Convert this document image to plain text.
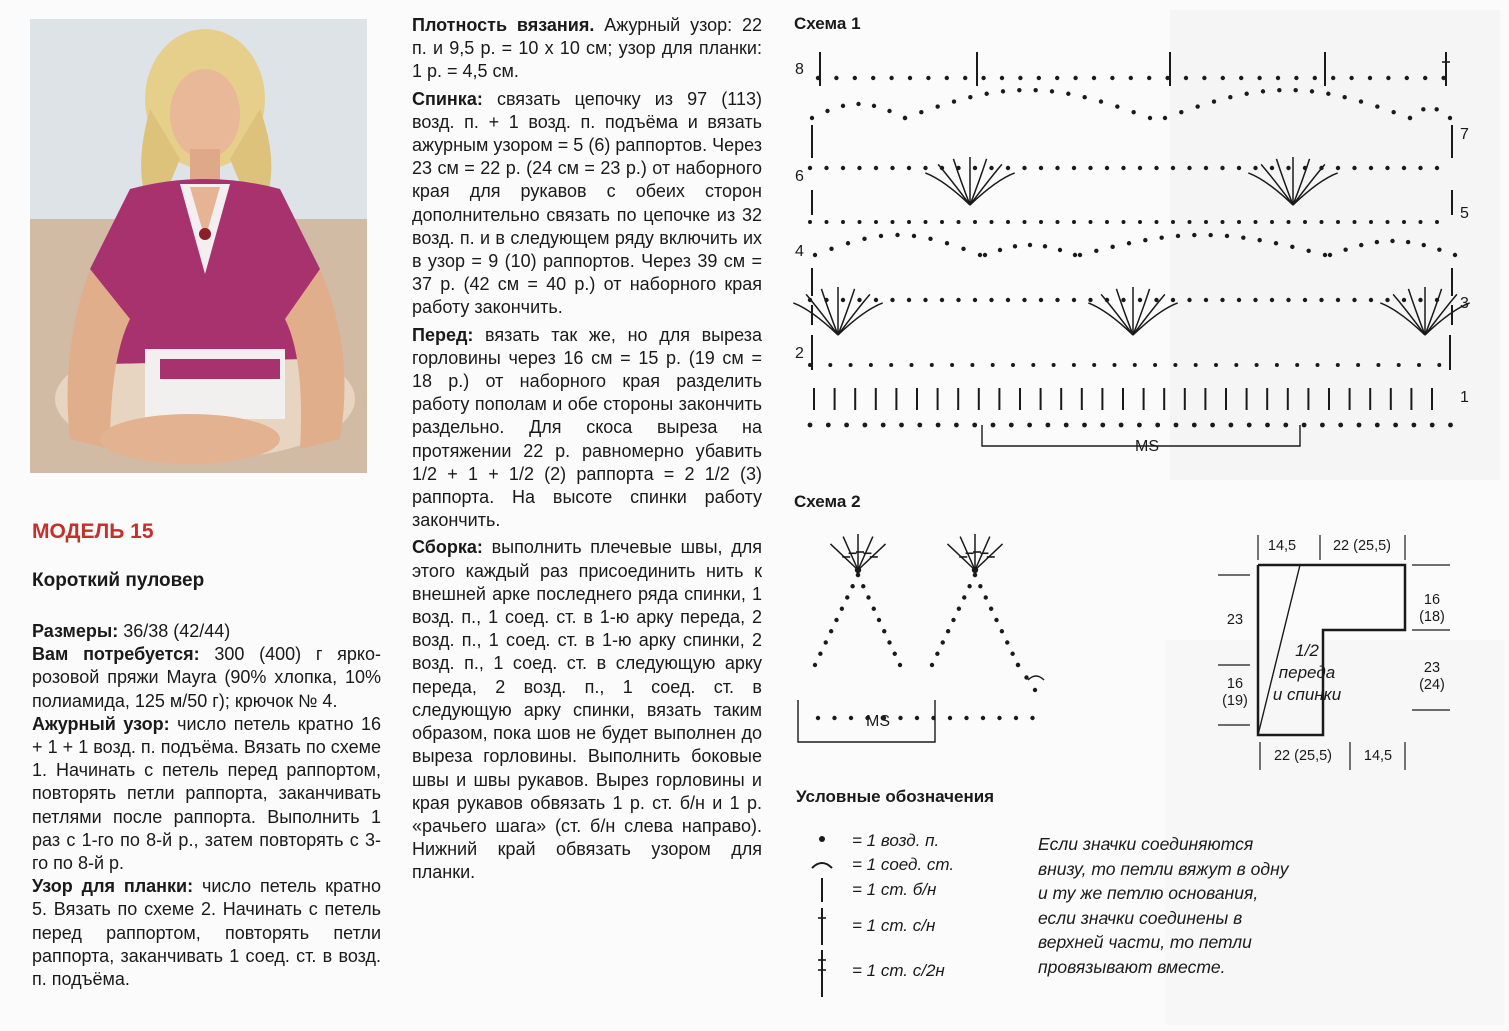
МОДЕЛЬ 15
Короткий пуловер

Размеры: 36/38 (42/44)

Вам потребуется: 300 (400) г ярко-розовой пряжи Mayra (90% хлопка, 10% полиамида, 125 м/50 г); крючок № 4.

Ажурный узор: число петель кратно 16 + 1 + 1 возд. п. подъёма. Вязать по схеме 1. Начинать с петель перед раппортом, повторять петли раппорта, заканчивать петлями после раппорта. Выполнить 1 раз с 1-го по 8-й р., затем повторять с 3-го по 8-й р.

Узор для планки: число петель кратно 5. Вязать по схеме 2. Начинать с петель перед раппортом, повторять петли раппорта, заканчивать 1 соед. ст. в возд. п. подъёма.

Плотность вязания. Ажурный узор: 22 п. и 9,5 р. = 10 х 10 см; узор для планки: 1 р. = 4,5 см.

Спинка: связать цепочку из 97 (113) возд. п. + 1 возд. п. подъёма и вязать ажурным узором = 5 (6) раппортов. Через 23 см = 22 р. (24 см = 23 р.) от наборного края для рукавов с обеих сторон дополнительно связать по цепочке из 32 возд. п. и в следующем ряду включить их в узор = 9 (10) раппортов. Через 39 см = 37 р. (42 см = 40 р.) от наборного края работу закончить.

Перед: вязать так же, но для выреза горловины через 16 см = 15 р. (19 см = 18 р.) от наборного края разделить работу пополам и обе стороны закончить раздельно. Для скоса выреза на протяжении 22 р. равномерно убавить 1/2 + 1 + 1/2 (2) раппорта = 2 1/2 (3) раппорта. На высоте спинки работу закончить.

Сборка: выполнить плечевые швы, для этого каждый раз присоединить нить к внешней арке последнего ряда спинки, 1 возд. п., 1 соед. ст. в 1-ю арку переда, 2 возд. п., 1 соед. ст. в 1-ю арку спинки, 2 возд. п., 1 соед. ст. в следующую арку переда, 2 возд. п., 1 соед. ст. в следующую арку спинки, вязать таким образом, пока шов не будет выполнен до выреза горловины. Выполнить боковые швы и швы рукавов. Вырез горловины и края рукавов обвязать 1 р. ст. б/н и 1 р. «рачьего шага» (ст. б/н слева направо). Нижний край обвязать узором для планки.

Схема 1
8
6
4
2
7
5
3
1
MS
Схема 2
MS
Условные обозначения
= 1 возд. п.
= 1 соед. ст.
= 1 ст. б/н
= 1 ст. с/н
= 1 ст. с/2н
Если значки соединяются внизу, то петли вяжут в одну и ту же петлю основания, если значки соединены в верхней части, то петли провязывают вместе.
14,5	22 (25,5)
23
16
(19)
16
(18)
23
(24)
22 (25,5)	14,5
1/2
переда
и спинки
